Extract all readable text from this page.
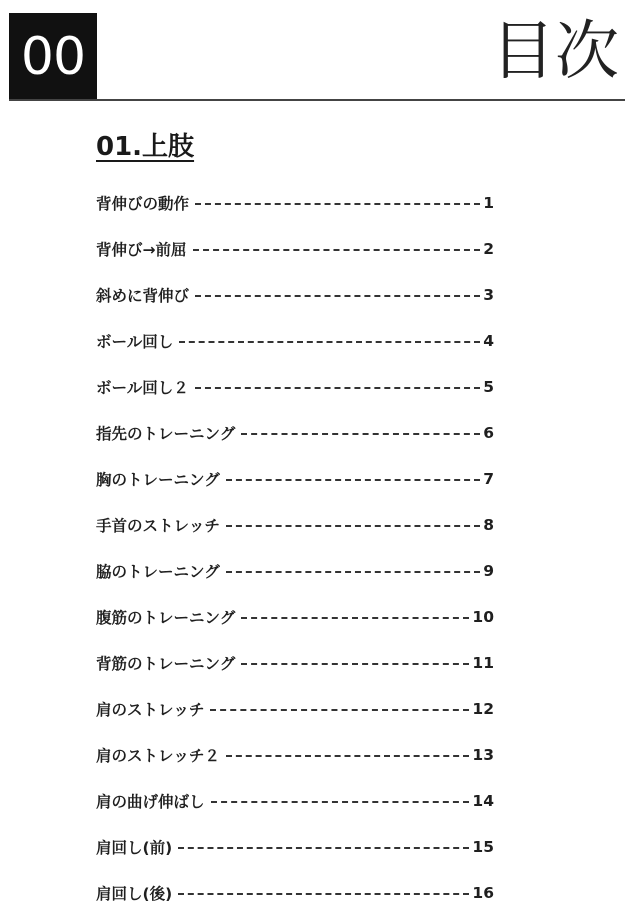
00	目次
01.上肢
背伸びの動作	1
背伸び→前屈	2
斜めに背伸び	3
ボール回し	4
ボール回し２	5
指先のトレーニング	6
胸のトレーニング	7
手首のストレッチ	8
脇のトレーニング	9
腹筋のトレーニング	10
背筋のトレーニング	11
肩のストレッチ	12
肩のストレッチ２	13
肩の曲げ伸ばし	14
肩回し(前)	15
肩回し(後)	16
